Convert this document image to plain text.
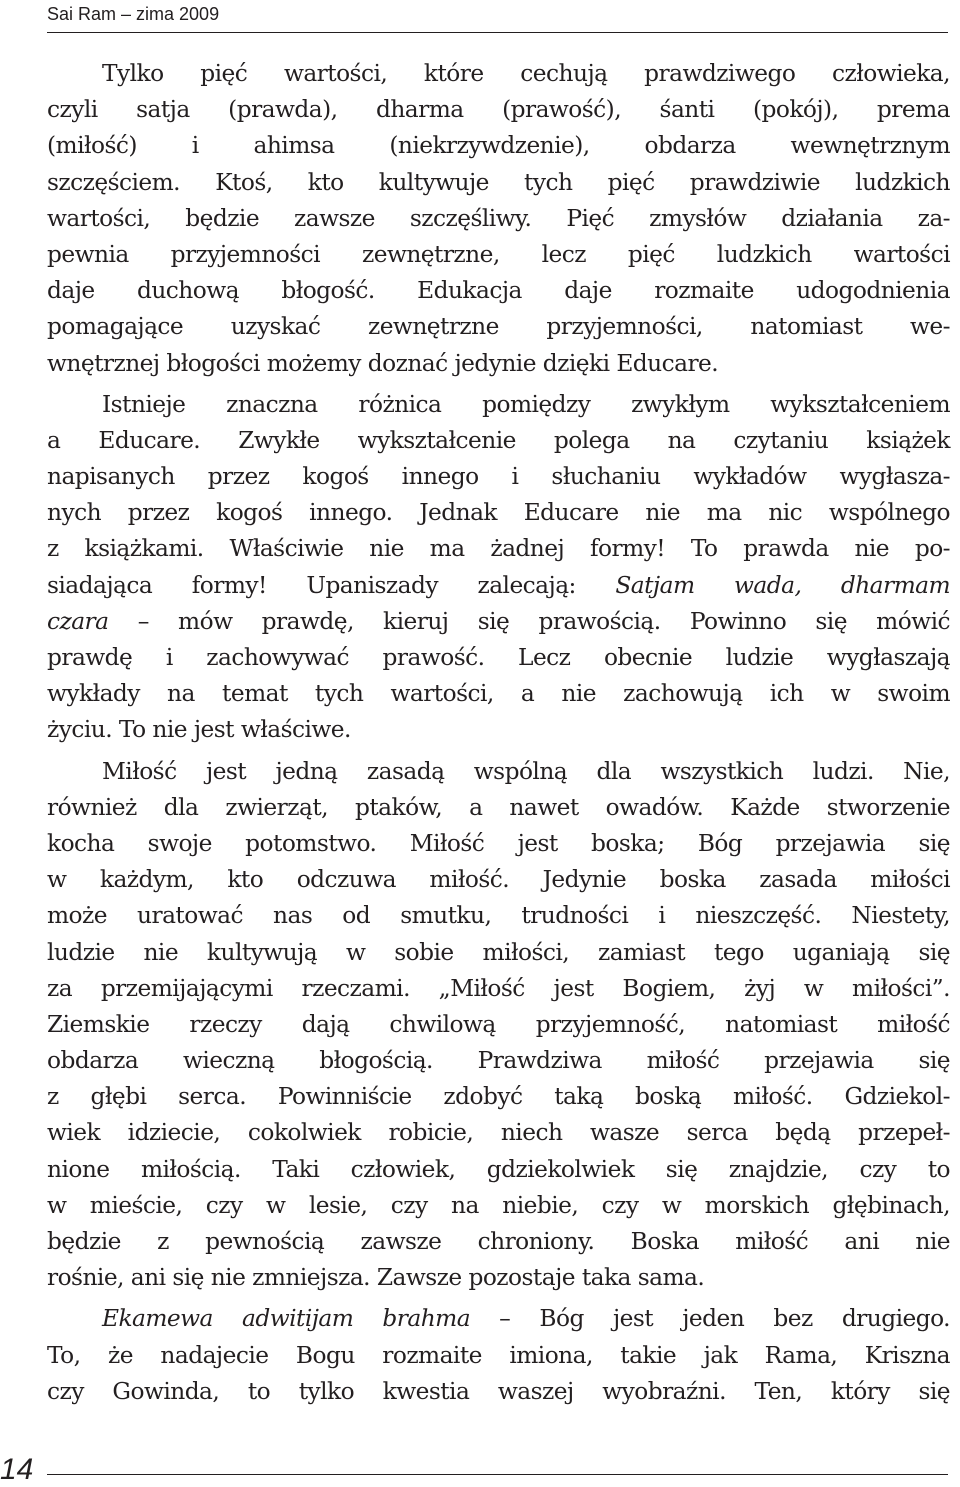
Sai Ram – zima 2009
Tylko pięć wartości, które cechują prawdziwego człowieka,
czyli satja (prawda), dharma (prawość), śanti (pokój), prema
(miłość) i ahimsa (niekrzywdzenie), obdarza wewnętrznym
szczęściem. Ktoś, kto kultywuje tych pięć prawdziwie ludzkich
wartości, będzie zawsze szczęśliwy. Pięć zmysłów działania za-
pewnia przyjemności zewnętrzne, lecz pięć ludzkich wartości
daje duchową błogość. Edukacja daje rozmaite udogodnienia
pomagające uzyskać zewnętrzne przyjemności, natomiast we-
wnętrznej błogości możemy doznać jedynie dzięki Educare.
Istnieje znaczna różnica pomiędzy zwykłym wykształceniem
a Educare. Zwykłe wykształcenie polega na czytaniu książek
napisanych przez kogoś innego i słuchaniu wykładów wygłasza-
nych przez kogoś innego. Jednak Educare nie ma nic wspólnego
z książkami. Właściwie nie ma żadnej formy! To prawda nie po-
siadająca formy! Upaniszady zalecają: Satjam wada, dharmam
czara – mów prawdę, kieruj się prawością. Powinno się mówić
prawdę i zachowywać prawość. Lecz obecnie ludzie wygłaszają
wykłady na temat tych wartości, a nie zachowują ich w swoim
życiu. To nie jest właściwe.
Miłość jest jedną zasadą wspólną dla wszystkich ludzi. Nie,
również dla zwierząt, ptaków, a nawet owadów. Każde stworzenie
kocha swoje potomstwo. Miłość jest boska; Bóg przejawia się
w każdym, kto odczuwa miłość. Jedynie boska zasada miłości
może uratować nas od smutku, trudności i nieszczęść. Niestety,
ludzie nie kultywują w sobie miłości, zamiast tego uganiają się
za przemijającymi rzeczami. „Miłość jest Bogiem, żyj w miłości”.
Ziemskie rzeczy dają chwilową przyjemność, natomiast miłość
obdarza wieczną błogością. Prawdziwa miłość przejawia się
z głębi serca. Powinniście zdobyć taką boską miłość. Gdziekol-
wiek idziecie, cokolwiek robicie, niech wasze serca będą przepeł-
nione miłością. Taki człowiek, gdziekolwiek się znajdzie, czy to
w mieście, czy w lesie, czy na niebie, czy w morskich głębinach,
będzie z pewnością zawsze chroniony. Boska miłość ani nie
rośnie, ani się nie zmniejsza. Zawsze pozostaje taka sama.
Ekamewa adwitijam brahma – Bóg jest jeden bez drugiego.
To, że nadajecie Bogu rozmaite imiona, takie jak Rama, Kriszna
czy Gowinda, to tylko kwestia waszej wyobraźni. Ten, który się
14
